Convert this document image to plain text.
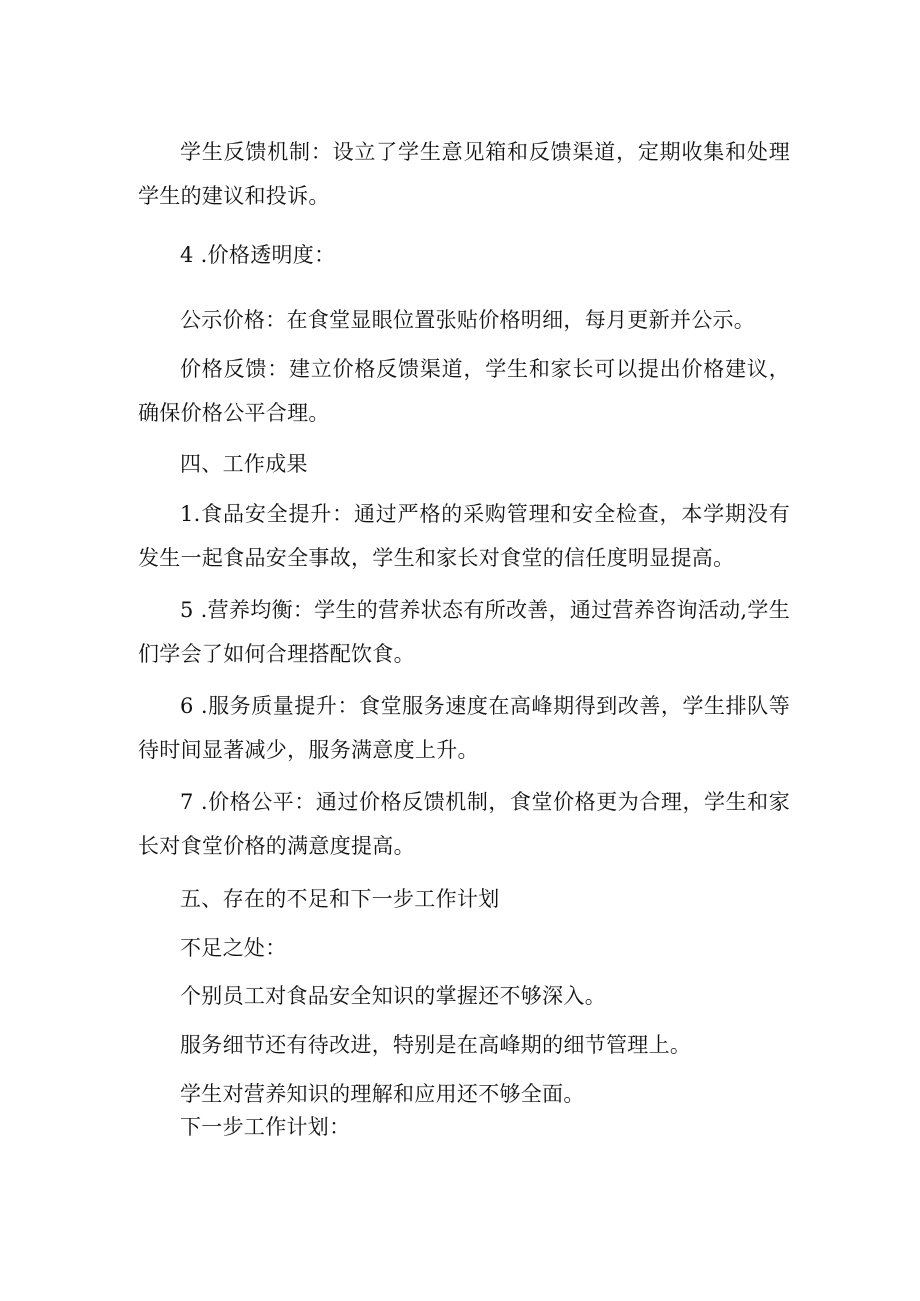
学生反馈机制：设立了学生意见箱和反馈渠道，定期收集和处理学生的建议和投诉。

4 .价格透明度：

公示价格：在食堂显眼位置张贴价格明细，每月更新并公示。

价格反馈：建立价格反馈渠道，学生和家长可以提出价格建议，确保价格公平合理。

四、工作成果

1.食品安全提升：通过严格的采购管理和安全检查，本学期没有发生一起食品安全事故，学生和家长对食堂的信任度明显提高。

5 .营养均衡：学生的营养状态有所改善，通过营养咨询活动,学生们学会了如何合理搭配饮食。

6 .服务质量提升：食堂服务速度在高峰期得到改善，学生排队等待时间显著减少，服务满意度上升。

7 .价格公平：通过价格反馈机制，食堂价格更为合理，学生和家长对食堂价格的满意度提高。

五、存在的不足和下一步工作计划

不足之处：

个别员工对食品安全知识的掌握还不够深入。

服务细节还有待改进，特别是在高峰期的细节管理上。

学生对营养知识的理解和应用还不够全面。

下一步工作计划：
